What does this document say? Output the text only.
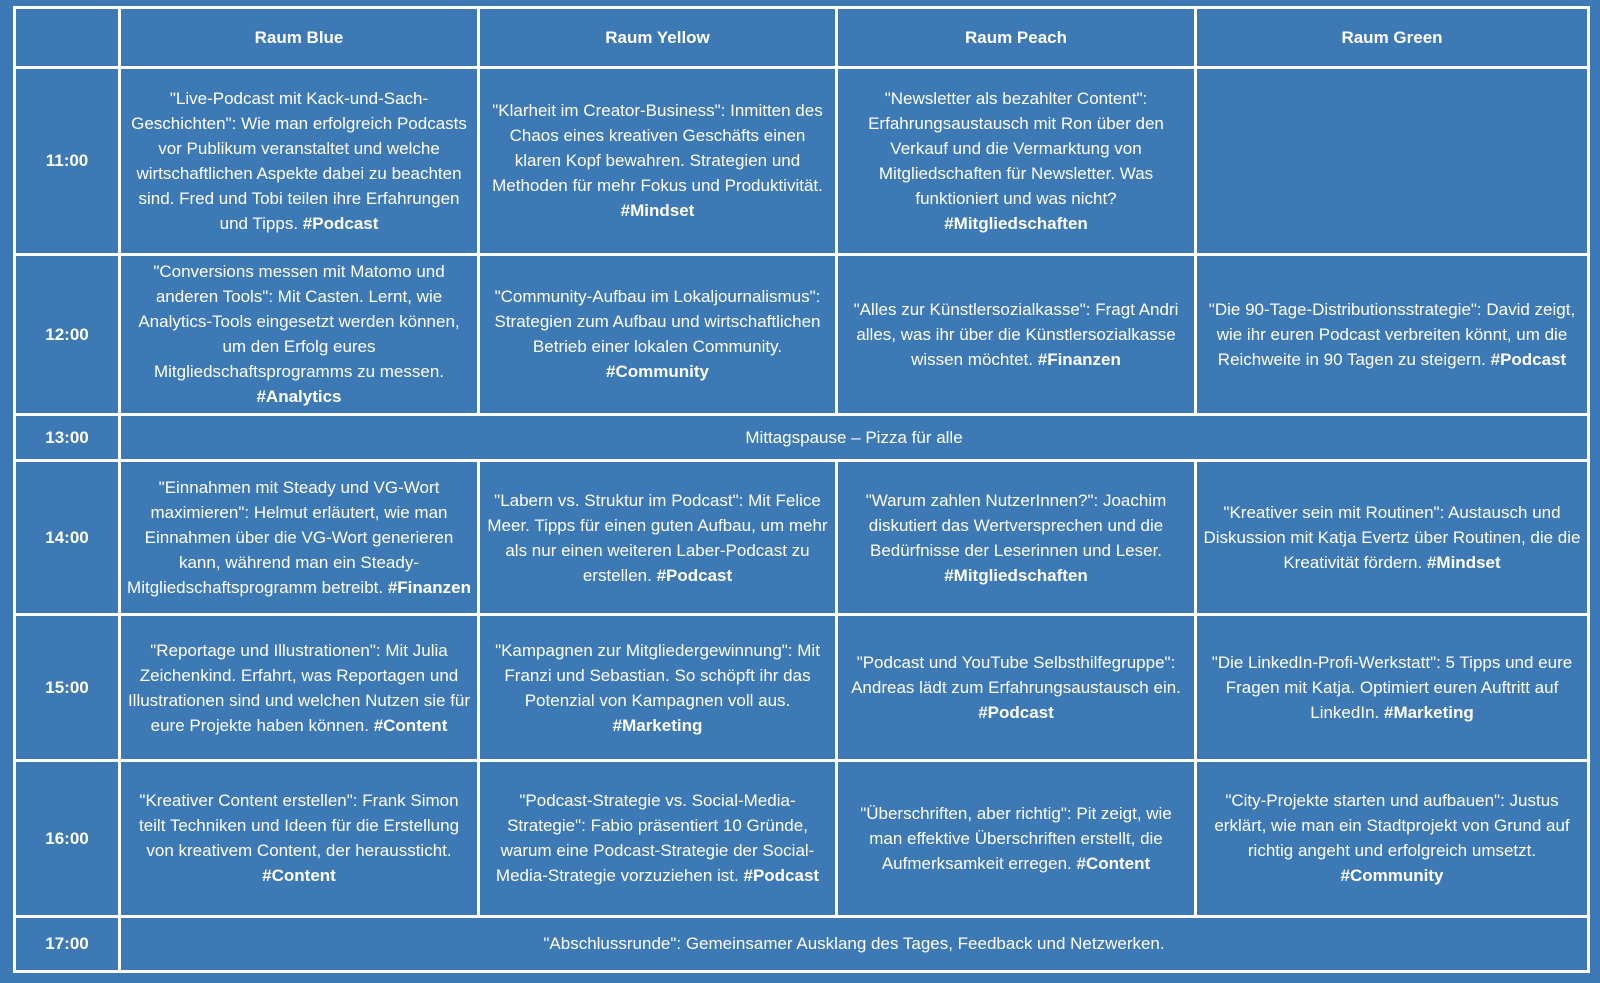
	Raum Blue	Raum Yellow	Raum Peach	Raum Green
11:00	"Live-Podcast mit Kack-und-Sach-Geschichten": Wie man erfolgreich Podcasts vor Publikum veranstaltet und welche wirtschaftlichen Aspekte dabei zu beachten sind. Fred und Tobi teilen ihre Erfahrungen und Tipps. #Podcast	"Klarheit im Creator-Business": Inmitten des Chaos eines kreativen Geschäfts einen klaren Kopf bewahren. Strategien und Methoden für mehr Fokus und Produktivität. #Mindset	"Newsletter als bezahlter Content": Erfahrungsaustausch mit Ron über den Verkauf und die Vermarktung von Mitgliedschaften für Newsletter. Was funktioniert und was nicht? #Mitgliedschaften	
12:00	"Conversions messen mit Matomo und anderen Tools": Mit Casten. Lernt, wie Analytics-Tools eingesetzt werden können, um den Erfolg eures Mitgliedschaftsprogramms zu messen. #Analytics	"Community-Aufbau im Lokaljournalismus": Strategien zum Aufbau und wirtschaftlichen Betrieb einer lokalen Community. #Community	"Alles zur Künstlersozialkasse": Fragt Andri alles, was ihr über die Künstlersozialkasse wissen möchtet. #Finanzen	"Die 90-Tage-Distributionsstrategie": David zeigt, wie ihr euren Podcast verbreiten könnt, um die Reichweite in 90 Tagen zu steigern. #Podcast
13:00	Mittagspause – Pizza für alle			
14:00	"Einnahmen mit Steady und VG-Wort maximieren": Helmut erläutert, wie man Einnahmen über die VG-Wort generieren kann, während man ein Steady-Mitgliedschaftsprogramm betreibt. #Finanzen	"Labern vs. Struktur im Podcast": Mit Felice Meer. Tipps für einen guten Aufbau, um mehr als nur einen weiteren Laber-Podcast zu erstellen. #Podcast	"Warum zahlen NutzerInnen?": Joachim diskutiert das Wertversprechen und die Bedürfnisse der Leserinnen und Leser. #Mitgliedschaften	"Kreativer sein mit Routinen": Austausch und Diskussion mit Katja Evertz über Routinen, die die Kreativität fördern. #Mindset
15:00	"Reportage und Illustrationen": Mit Julia Zeichenkind. Erfahrt, was Reportagen und Illustrationen sind und welchen Nutzen sie für eure Projekte haben können. #Content	"Kampagnen zur Mitgliedergewinnung": Mit Franzi und Sebastian. So schöpft ihr das Potenzial von Kampagnen voll aus. #Marketing	"Podcast und YouTube Selbsthilfegruppe": Andreas lädt zum Erfahrungsaustausch ein. #Podcast	"Die LinkedIn-Profi-Werkstatt": 5 Tipps und eure Fragen mit Katja. Optimiert euren Auftritt auf LinkedIn. #Marketing
16:00	"Kreativer Content erstellen": Frank Simon teilt Techniken und Ideen für die Erstellung von kreativem Content, der heraussticht. #Content	"Podcast-Strategie vs. Social-Media-Strategie": Fabio präsentiert 10 Gründe, warum eine Podcast-Strategie der Social-Media-Strategie vorzuziehen ist. #Podcast	"Überschriften, aber richtig": Pit zeigt, wie man effektive Überschriften erstellt, die Aufmerksamkeit erregen. #Content	"City-Projekte starten und aufbauen": Justus erklärt, wie man ein Stadtprojekt von Grund auf richtig angeht und erfolgreich umsetzt. #Community
17:00	"Abschlussrunde": Gemeinsamer Ausklang des Tages, Feedback und Netzwerken.			
